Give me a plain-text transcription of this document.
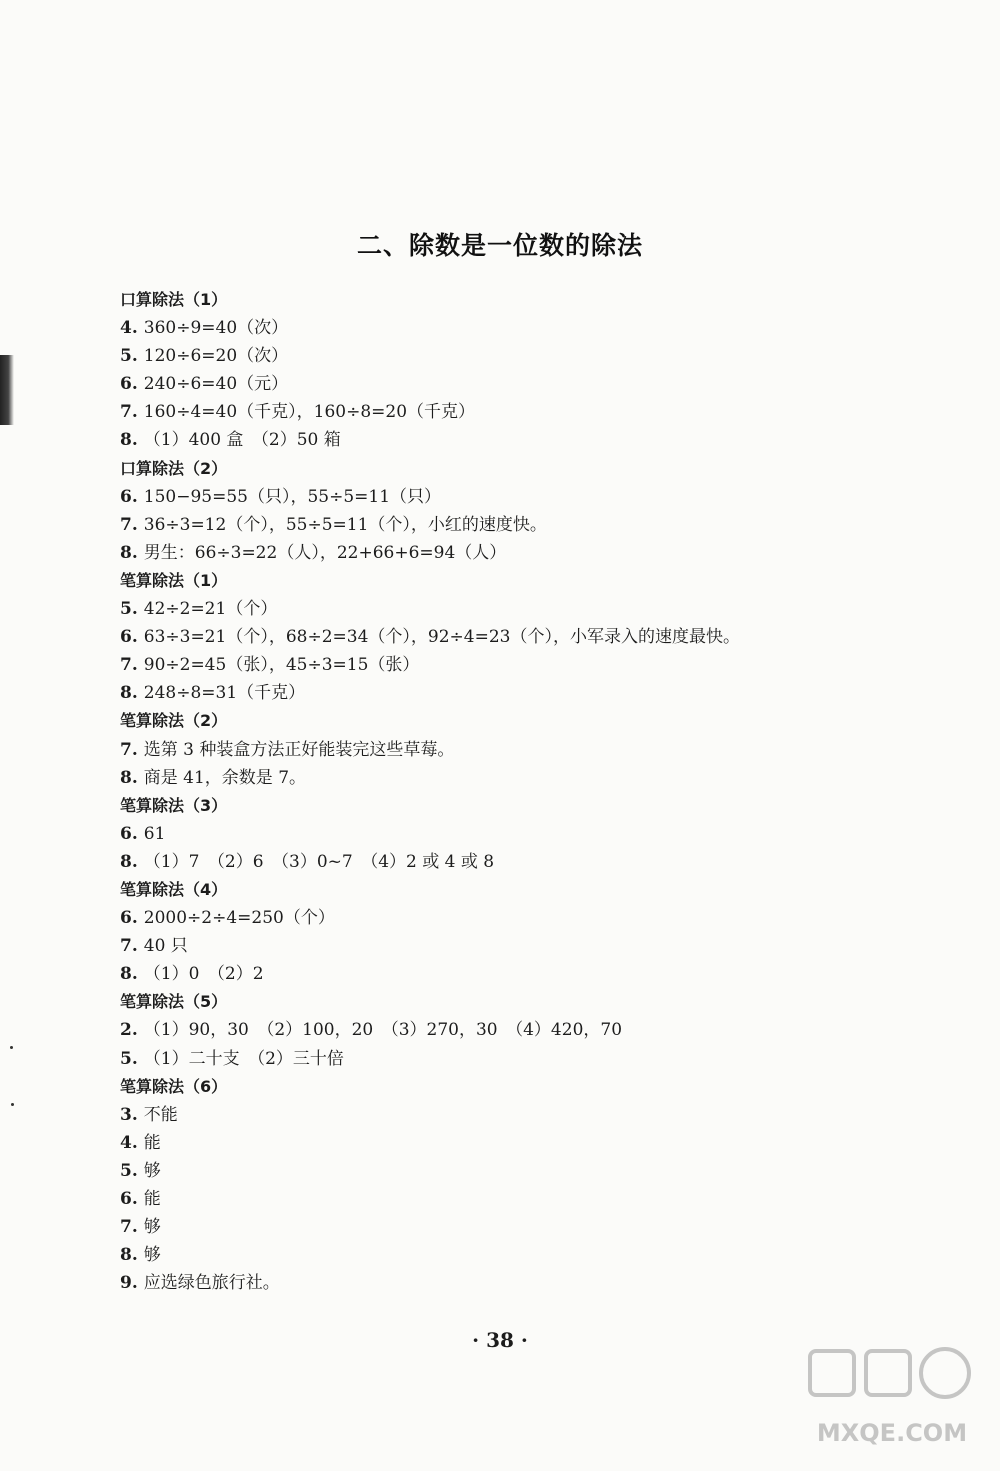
二、除数是一位数的除法
口算除法（1）
4. 360÷9=40（次）
5. 120÷6=20（次）
6. 240÷6=40（元）
7. 160÷4=40（千克），160÷8=20（千克）
8. （1）400 盒　（2）50 箱
口算除法（2）
6. 150−95=55（只），55÷5=11（只）
7. 36÷3=12（个），55÷5=11（个），小红的速度快。
8. 男生：66÷3=22（人），22+66+6=94（人）
笔算除法（1）
5. 42÷2=21（个）
6. 63÷3=21（个），68÷2=34（个），92÷4=23（个），小军录入的速度最快。
7. 90÷2=45（张），45÷3=15（张）
8. 248÷8=31（千克）
笔算除法（2）
7. 选第 3 种装盒方法正好能装完这些草莓。
8. 商是 41，余数是 7。
笔算除法（3）
6. 61
8. （1）7　（2）6　（3）0~7　（4）2 或 4 或 8
笔算除法（4）
6. 2000÷2÷4=250（个）
7. 40 只
8. （1）0　（2）2
笔算除法（5）
2. （1）90，30　（2）100，20　（3）270，30　（4）420，70
5. （1）二十支　（2）三十倍
笔算除法（6）
3. 不能
4. 能
5. 够
6. 能
7. 够
8. 够
9. 应选绿色旅行社。
· 38 ·
MXQE.COM
